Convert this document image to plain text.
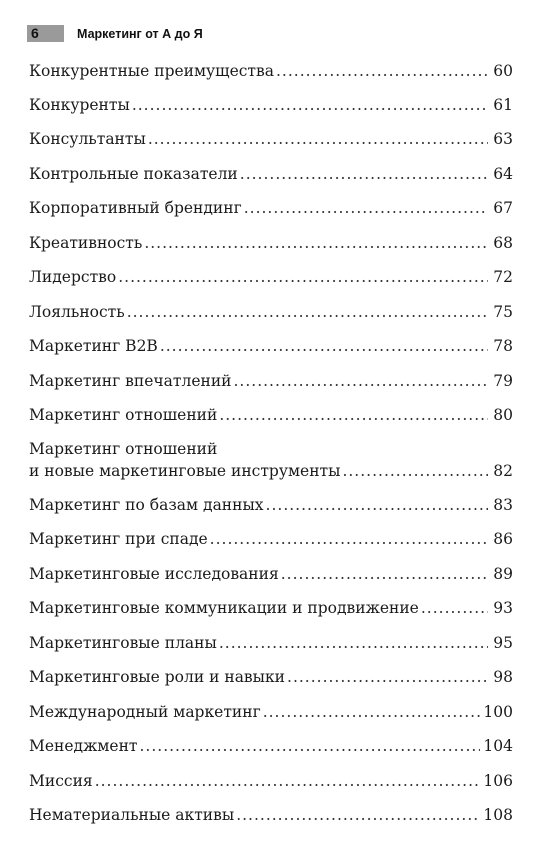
6	Маркетинг от А до Я
Конкурентные преимущества .....	60
Конкуренты .....	61
Консультанты .....	63
Контрольные показатели .....	64
Корпоративный брендинг .....	67
Креативность .....	68
Лидерство .....	72
Лояльность .....	75
Маркетинг B2B .....	78
Маркетинг впечатлений .....	79
Маркетинг отношений .....	80
Маркетинг отношений
и новые маркетинговые инструменты .....	82
Маркетинг по базам данных .....	83
Маркетинг при спаде .....	86
Маркетинговые исследования .....	89
Маркетинговые коммуникации и продвижение .....	93
Маркетинговые планы .....	95
Маркетинговые роли и навыки .....	98
Международный маркетинг .....	100
Менеджмент .....	104
Миссия .....	106
Нематериальные активы .....	108
